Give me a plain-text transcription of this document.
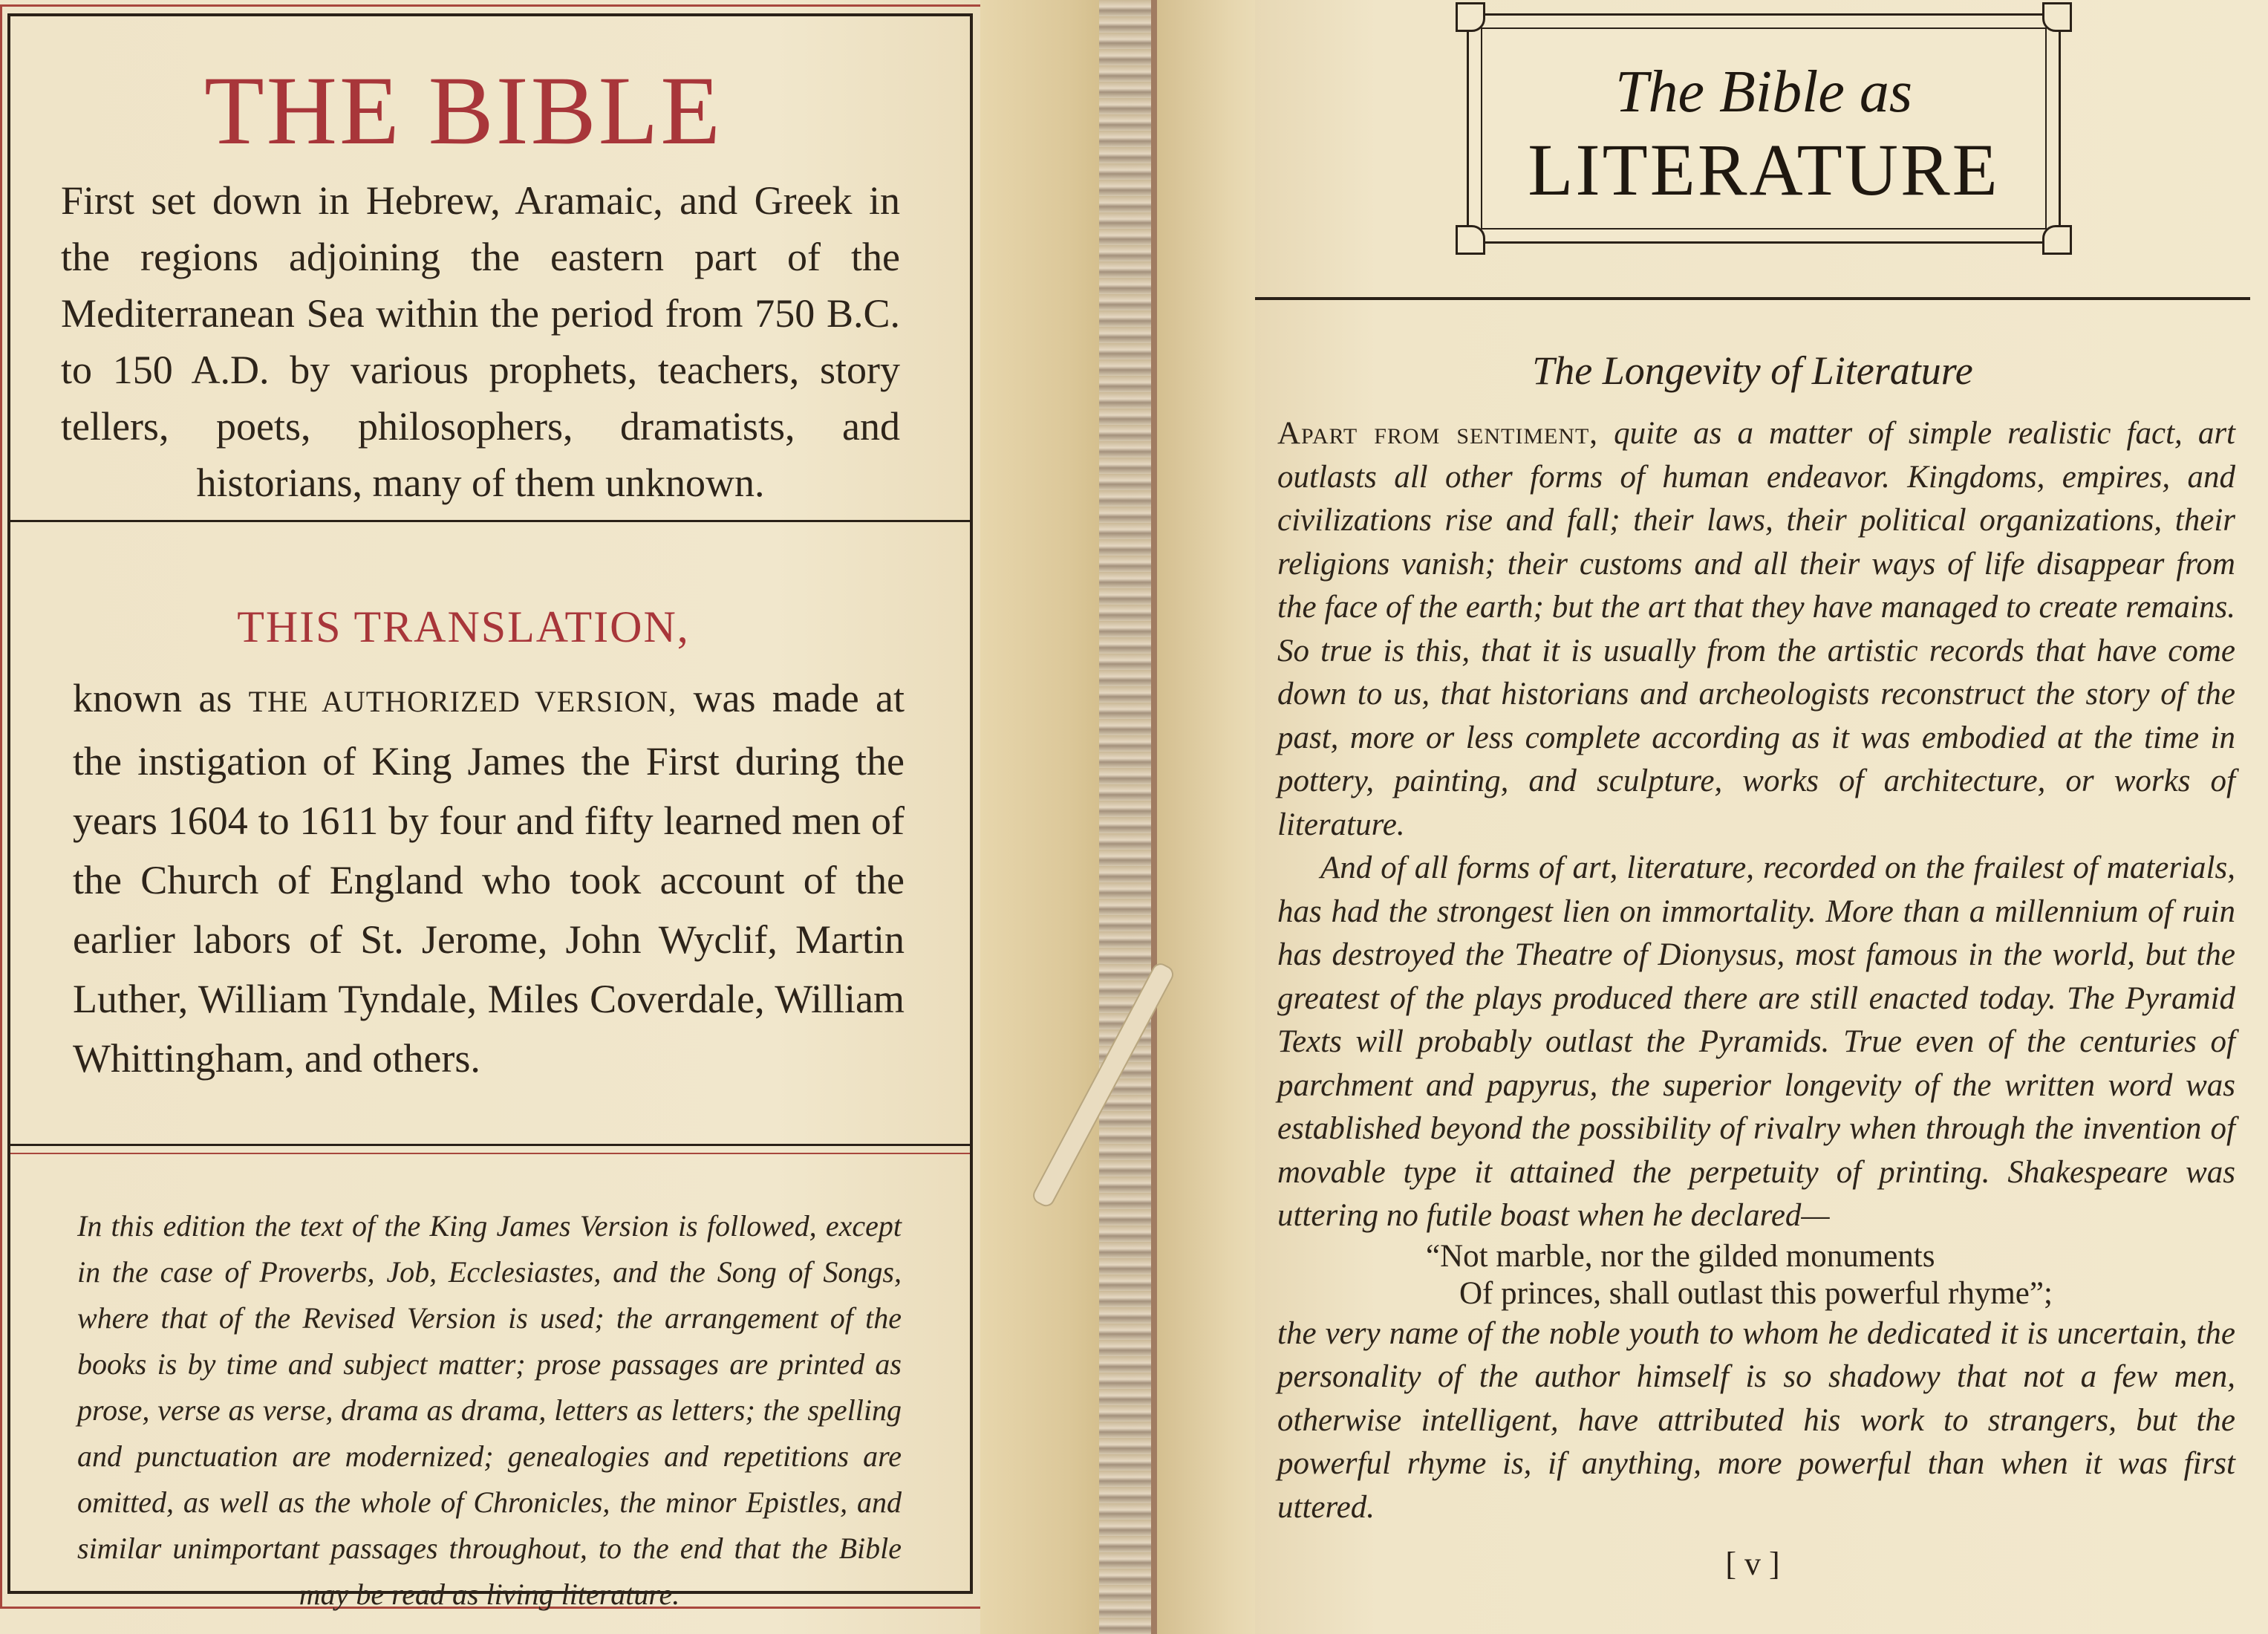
THE BIBLE
First set down in Hebrew, Aramaic, and Greek in the regions adjoining the eastern part of the Mediterranean Sea within the period from 750 B.C. to 150 A.D. by various prophets, teachers, story tellers, poets, philosophers, dramatists, and historians, many of them unknown.
THIS TRANSLATION,
known as THE AUTHORIZED VERSION, was made at the instigation of King James the First during the years 1604 to 1611 by four and fifty learned men of the Church of England who took account of the earlier labors of St. Jerome, John Wyclif, Martin Luther, William Tyndale, Miles Coverdale, William Whittingham, and others.
In this edition the text of the King James Version is followed, except in the case of Proverbs, Job, Ecclesiastes, and the Song of Songs, where that of the Revised Version is used; the arrangement of the books is by time and subject matter; prose passages are printed as prose, verse as verse, drama as drama, letters as letters; the spelling and punctuation are modernized; genealogies and repetitions are omitted, as well as the whole of Chronicles, the minor Epistles, and similar unimportant passages throughout, to the end that the Bible may be read as living literature.
The Bible as
LITERATURE
The Longevity of Literature

Apart from sentiment, quite as a matter of simple realistic fact, art outlasts all other forms of human endeavor. Kingdoms, empires, and civilizations rise and fall; their laws, their political organizations, their religions vanish; their customs and all their ways of life disappear from the face of the earth; but the art that they have managed to create remains. So true is this, that it is usually from the artistic records that have come down to us, that historians and archeologists reconstruct the story of the past, more or less complete according as it was embodied at the time in pottery, painting, and sculpture, works of architecture, or works of literature.

And of all forms of art, literature, recorded on the frailest of materials, has had the strongest lien on immortality. More than a millennium of ruin has destroyed the Theatre of Dionysus, most famous in the world, but the greatest of the plays produced there are still enacted today. The Pyramid Texts will probably outlast the Pyramids. True even of the centuries of parchment and papyrus, the superior longevity of the written word was established beyond the possibility of rivalry when through the invention of movable type it attained the perpetuity of printing. Shakespeare was uttering no futile boast when he declared—

“Not marble, nor the gilded monuments
Of princes, shall outlast this powerful rhyme”;

the very name of the noble youth to whom he dedicated it is uncertain, the personality of the author himself is so shadowy that not a few men, otherwise intelligent, have attributed his work to strangers, but the powerful rhyme is, if anything, more powerful than when it was first uttered.

[ v ]
